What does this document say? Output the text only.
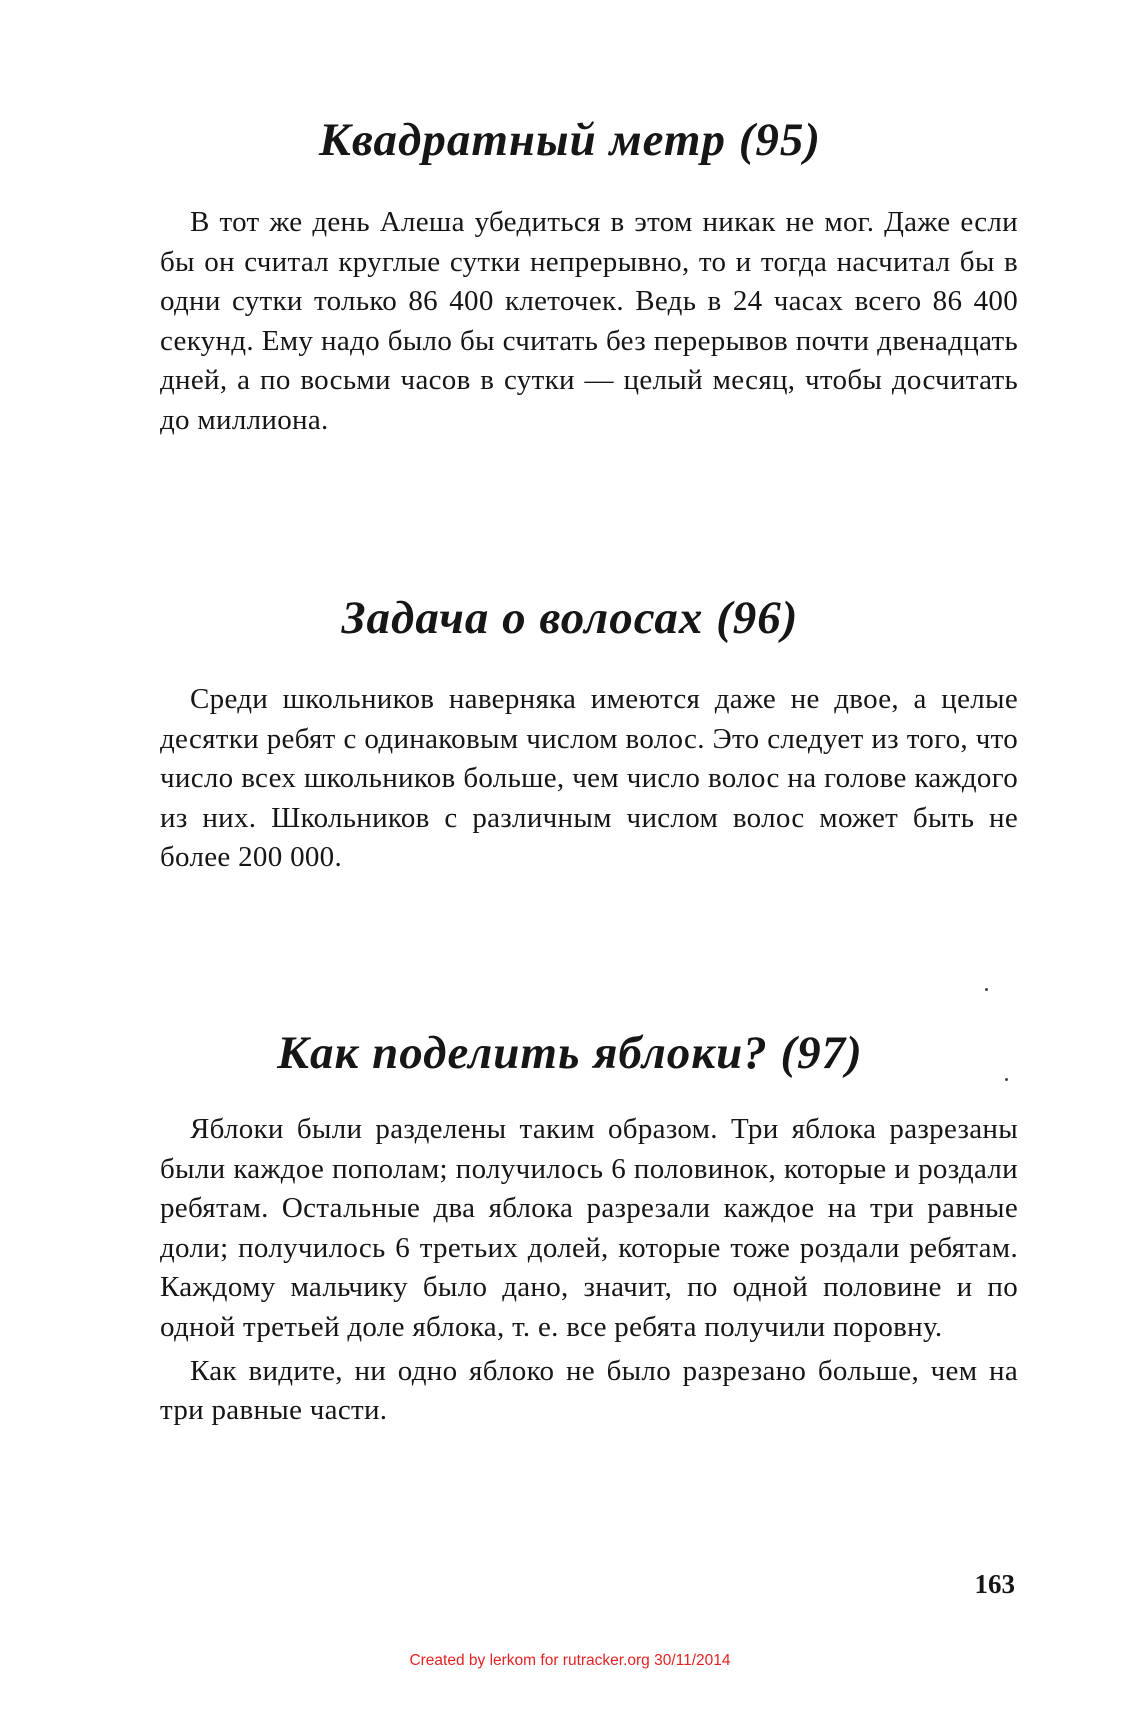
Квадратный метр (95)

В тот же день Алеша убедиться в этом никак не мог. Даже если бы он считал круглые сутки непрерывно, то и тогда насчитал бы в одни сутки только 86 400 клеточек. Ведь в 24 часах всего 86 400 секунд. Ему надо было бы считать без перерывов почти двенадцать дней, а по восьми часов в сутки — целый месяц, чтобы досчитать до миллиона.

Задача о волосах (96)

Среди школьников наверняка имеются даже не двое, а целые десятки ребят с одинаковым числом волос. Это следует из того, что число всех школьников больше, чем число волос на голове каждого из них. Школьников с различным числом волос может быть не более 200 000.

Как поделить яблоки? (97)

Яблоки были разделены таким образом. Три яблока разрезаны были каждое пополам; получилось 6 половинок, которые и роздали ребятам. Остальные два яблока разрезали каждое на три равные доли; получилось 6 третьих долей, которые тоже роздали ребятам. Каждому мальчику было дано, значит, по одной половине и по одной третьей доле яблока, т. е. все ребята получили поровну.

Как видите, ни одно яблоко не было разрезано больше, чем на три равные части.

163
Created by lerkom for rutracker.org 30/11/2014
